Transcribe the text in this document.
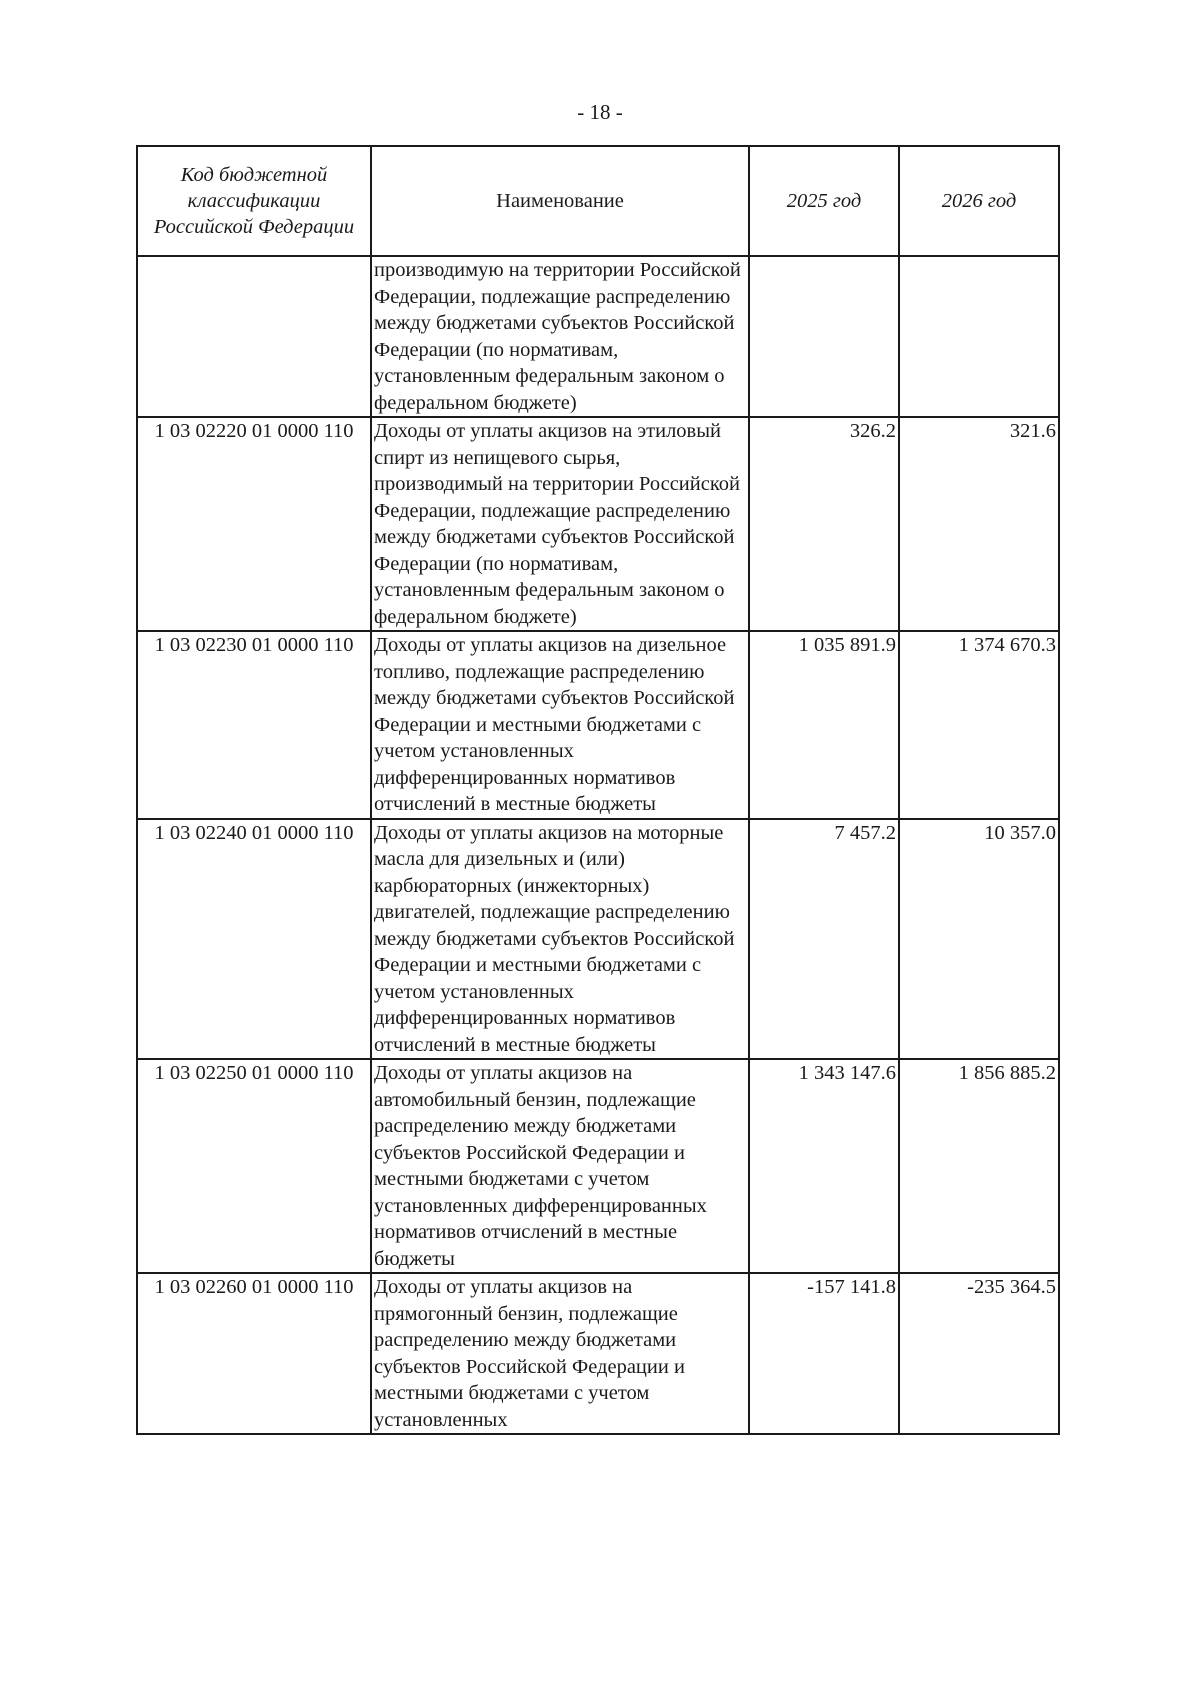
- 18 -
Код бюджетной классификации Российской Федерации	Наименование	2025 год	2026 год
	производимую на территории Российской Федерации, подлежащие распределению между бюджетами субъектов Российской Федерации (по нормативам, установленным федеральным законом о федеральном бюджете)		
1 03 02220 01 0000 110	Доходы от уплаты акцизов на этиловый спирт из непищевого сырья, производимый на территории Российской Федерации, подлежащие распределению между бюджетами субъектов Российской Федерации (по нормативам, установленным федеральным законом о федеральном бюджете)	326.2	321.6
1 03 02230 01 0000 110	Доходы от уплаты акцизов на дизельное топливо, подлежащие распределению между бюджетами субъектов Российской Федерации и местными бюджетами с учетом установленных дифференцированных нормативов отчислений в местные бюджеты	1 035 891.9	1 374 670.3
1 03 02240 01 0000 110	Доходы от уплаты акцизов на моторные масла для дизельных и (или) карбюраторных (инжекторных) двигателей, подлежащие распределению между бюджетами субъектов Российской Федерации и местными бюджетами с учетом установленных дифференцированных нормативов отчислений в местные бюджеты	7 457.2	10 357.0
1 03 02250 01 0000 110	Доходы от уплаты акцизов на автомобильный бензин, подлежащие распределению между бюджетами субъектов Российской Федерации и местными бюджетами с учетом установленных дифференцированных нормативов отчислений в местные бюджеты	1 343 147.6	1 856 885.2
1 03 02260 01 0000 110	Доходы от уплаты акцизов на прямогонный бензин, подлежащие распределению между бюджетами субъектов Российской Федерации и местными бюджетами с учетом установленных	-157 141.8	-235 364.5
